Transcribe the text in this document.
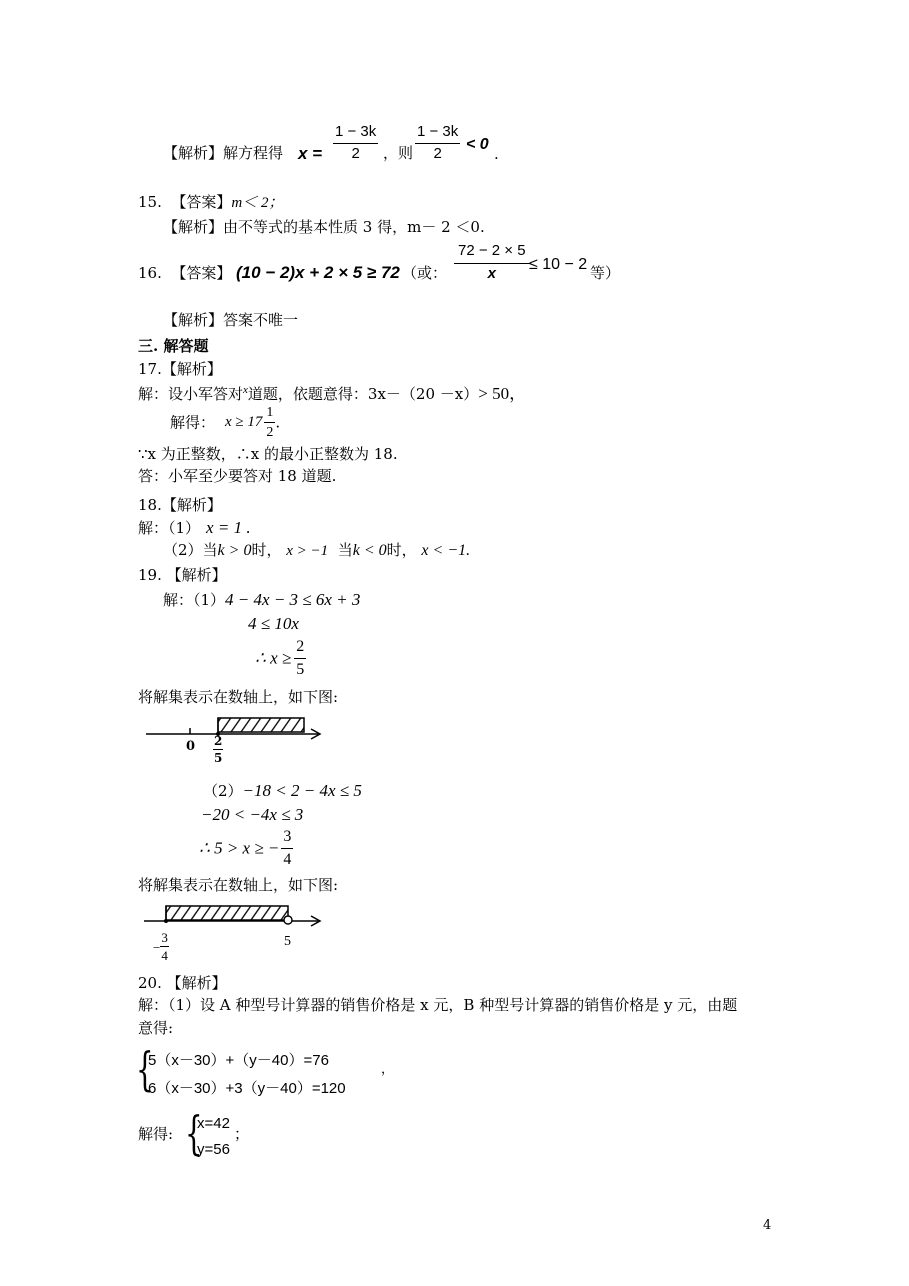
【解析】解方程得 $x = \frac{1 - 3k}{2}$ ，则 $\frac{1 - 3k}{2} < 0$
.
15. 【答案】m＜ 2；
【解析】由不等式的基本性质 3 得，m－ 2 ＜0.
16. 【答案】 (10 − 2)x + 2 × 5 ≥ 72 （或： $\frac{72 - 2 \times 5}{x} \le 10 - 2$ 等）
【解析】答案不唯一
三. 解答题
17.【解析】
解：设小军答对$^x$道题，依题意得：3x－（20 －x）> 50，
解得： $x \ge 17 \frac{1}{2}$ .
∵x 为正整数，∴x 的最小正整数为 18.
答：小军至少要答对 18 道题.
18.【解析】
解：（1） x = 1 .
（2）当k > 0时， x > −1 当k < 0时， x < −1.
19. 【解析】
解：（1）4 − 4x − 3 ≤ 6x + 3
4 ≤ 10x
∴ $x \ge \frac{2}{5}$
将解集表示在数轴上，如下图:
$0 \frac{2}{5}$
（2）−18 < 2 − 4x ≤ 5
−20 < −4x ≤ 3
∴ 5 > x ≥ − $\frac{3}{4}$
将解集表示在数轴上，如下图:
− $\frac{3}{4}$	5
20. 【解析】
解：（1）设 A 种型号计算器的销售价格是 x 元，B 种型号计算器的销售价格是 y 元，由题
意得:
{
5（x－30）+（y－40）=76
6（x－30）+3（y－40）=120
，
解得: {
x=42
y=56
；
4
